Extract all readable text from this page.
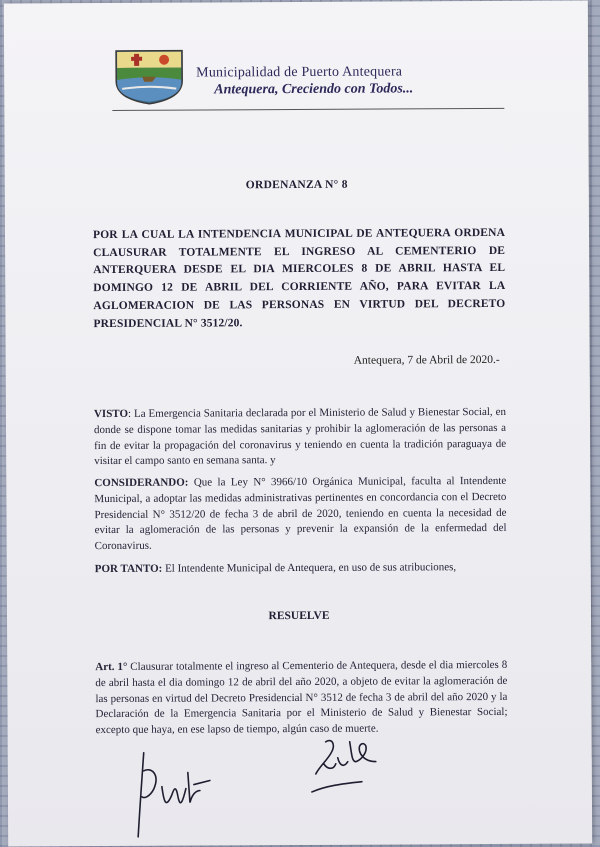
Municipalidad de Puerto Antequera
Antequera, Creciendo con Todos...
ORDENANZA N° 8
POR LA CUAL LA INTENDENCIA MUNICIPAL DE ANTEQUERA ORDENA CLAUSURAR TOTALMENTE EL INGRESO AL CEMENTERIO DE ANTERQUERA DESDE EL DIA MIERCOLES 8 DE ABRIL HASTA EL DOMINGO 12 DE ABRIL DEL CORRIENTE AÑO, PARA EVITAR LA AGLOMERACION DE LAS PERSONAS EN VIRTUD DEL DECRETO PRESIDENCIAL N° 3512/20.
Antequera, 7 de Abril de 2020.-
VISTO: La Emergencia Sanitaria declarada por el Ministerio de Salud y Bienestar Social, en donde se dispone tomar las medidas sanitarias y prohibir la aglomeración de las personas a fin de evitar la propagación del coronavirus y teniendo en cuenta la tradición paraguaya de visitar el campo santo en semana santa. y
CONSIDERANDO: Que la Ley N° 3966/10 Orgánica Municipal, faculta al Intendente Municipal, a adoptar las medidas administrativas pertinentes en concordancia con el Decreto Presidencial N° 3512/20 de fecha 3 de abril de 2020, teniendo en cuenta la necesidad de evitar la aglomeración de las personas y prevenir la expansión de la enfermedad del Coronavirus.
POR TANTO: El Intendente Municipal de Antequera, en uso de sus atribuciones,
RESUELVE
Art. 1° Clausurar totalmente el ingreso al Cementerio de Antequera, desde el dia miercoles 8 de abril hasta el dia domingo 12 de abril del año 2020, a objeto de evitar la aglomeración de las personas en virtud del Decreto Presidencial N° 3512 de fecha 3 de abril del año 2020 y la Declaración de la Emergencia Sanitaria por el Ministerio de Salud y Bienestar Social; excepto que haya, en ese lapso de tiempo, algún caso de muerte.
